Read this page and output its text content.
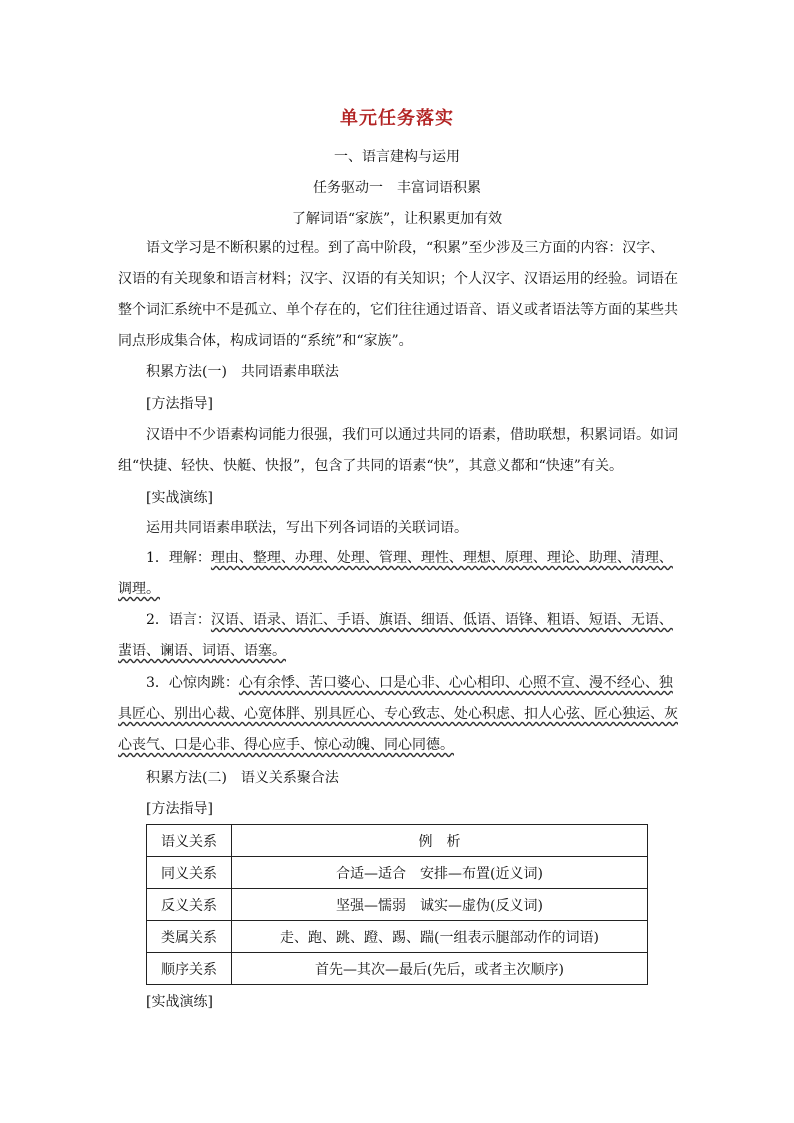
单元任务落实
一、语言建构与运用
任务驱动一　丰富词语积累
了解词语“家族”，让积累更加有效
语文学习是不断积累的过程。到了高中阶段，“积累”至少涉及三方面的内容：汉字、汉语的有关现象和语言材料；汉字、汉语的有关知识；个人汉字、汉语运用的经验。词语在整个词汇系统中不是孤立、单个存在的，它们往往通过语音、语义或者语法等方面的某些共同点形成集合体，构成词语的“系统”和“家族”。
积累方法(一)　共同语素串联法
[方法指导]
汉语中不少语素构词能力很强，我们可以通过共同的语素，借助联想，积累词语。如词组“快捷、轻快、快艇、快报”，包含了共同的语素“快”，其意义都和“快速”有关。
[实战演练]
运用共同语素串联法，写出下列各词语的关联词语。
1．理解：理由、整理、办理、处理、管理、理性、理想、原理、理论、助理、清理、调理。
2．语言：汉语、语录、语汇、手语、旗语、细语、低语、语锋、粗语、短语、无语、蜚语、谰语、词语、语塞。
3．心惊肉跳：心有余悸、苦口婆心、口是心非、心心相印、心照不宣、漫不经心、独具匠心、别出心裁、心宽体胖、别具匠心、专心致志、处心积虑、扣人心弦、匠心独运、灰心丧气、口是心非、得心应手、惊心动魄、同心同德。
积累方法(二)　语义关系聚合法
[方法指导]
语义关系	例　析
同义关系	合适—适合　安排—布置(近义词)
反义关系	坚强—懦弱　诚实—虚伪(反义词)
类属关系	走、跑、跳、蹬、踢、踹(一组表示腿部动作的词语)
顺序关系	首先—其次—最后(先后，或者主次顺序)
[实战演练]
